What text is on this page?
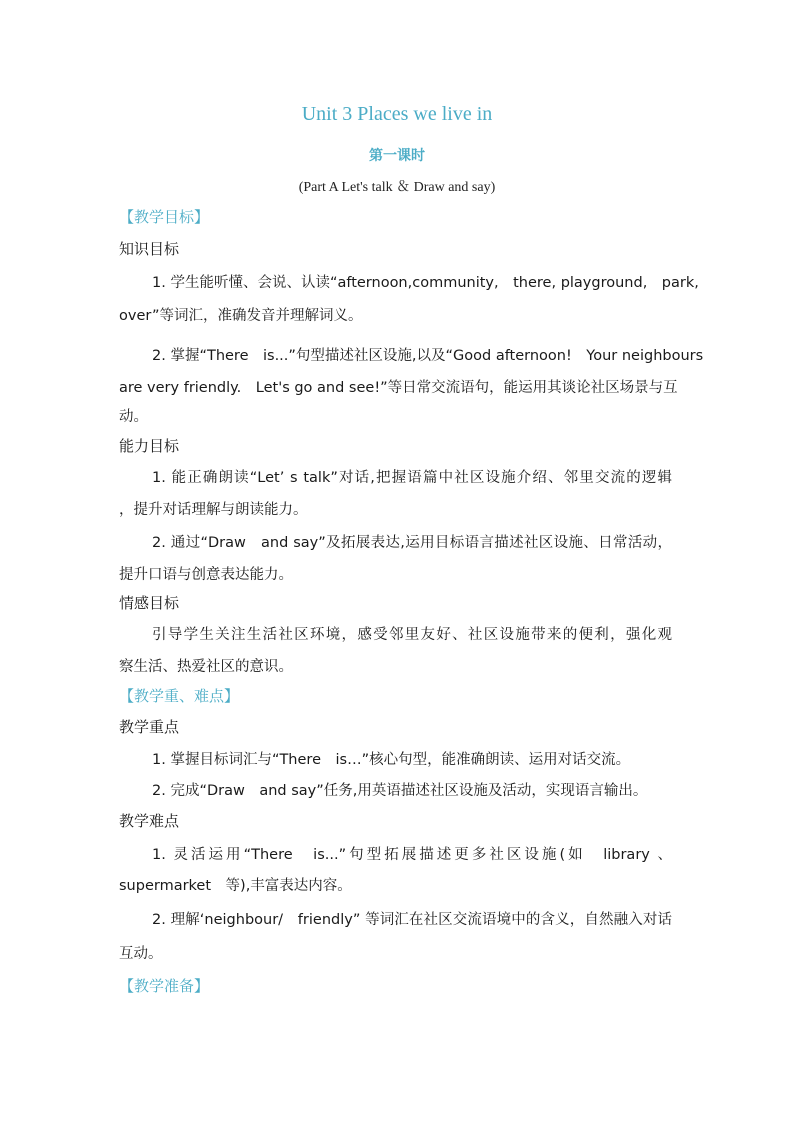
Unit 3 Places we live in
第一课时
(Part A Let's talk ＆ Draw and say)
【教学目标】
知识目标
1. 学生能听懂、会说、认读“afternoon,community,　there, playground,　park,
over”等词汇，准确发音并理解词义。
2. 掌握“There　is...”句型描述社区设施,以及“Good afternoon!　Your neighbours
are very friendly.　Let's go and see!”等日常交流语句，能运用其谈论社区场景与互
动。
能力目标
1. 能正确朗读“Let’ s talk”对话,把握语篇中社区设施介绍、邻里交流的逻辑
，提升对话理解与朗读能力。
2. 通过“Draw　and say”及拓展表达,运用目标语言描述社区设施、日常活动，
提升口语与创意表达能力。
情感目标
引导学生关注生活社区环境，感受邻里友好、社区设施带来的便利，强化观
察生活、热爱社区的意识。
【教学重、难点】
教学重点
1. 掌握目标词汇与“There　is…”核心句型，能准确朗读、运用对话交流。
2. 完成“Draw　and say”任务,用英语描述社区设施及活动，实现语言输出。
教学难点
1. 灵活运用“There　is...”句型拓展描述更多社区设施(如　library 、
supermarket　等),丰富表达内容。
2. 理解‘neighbour/　friendly” 等词汇在社区交流语境中的含义，自然融入对话
互动。
【教学准备】
